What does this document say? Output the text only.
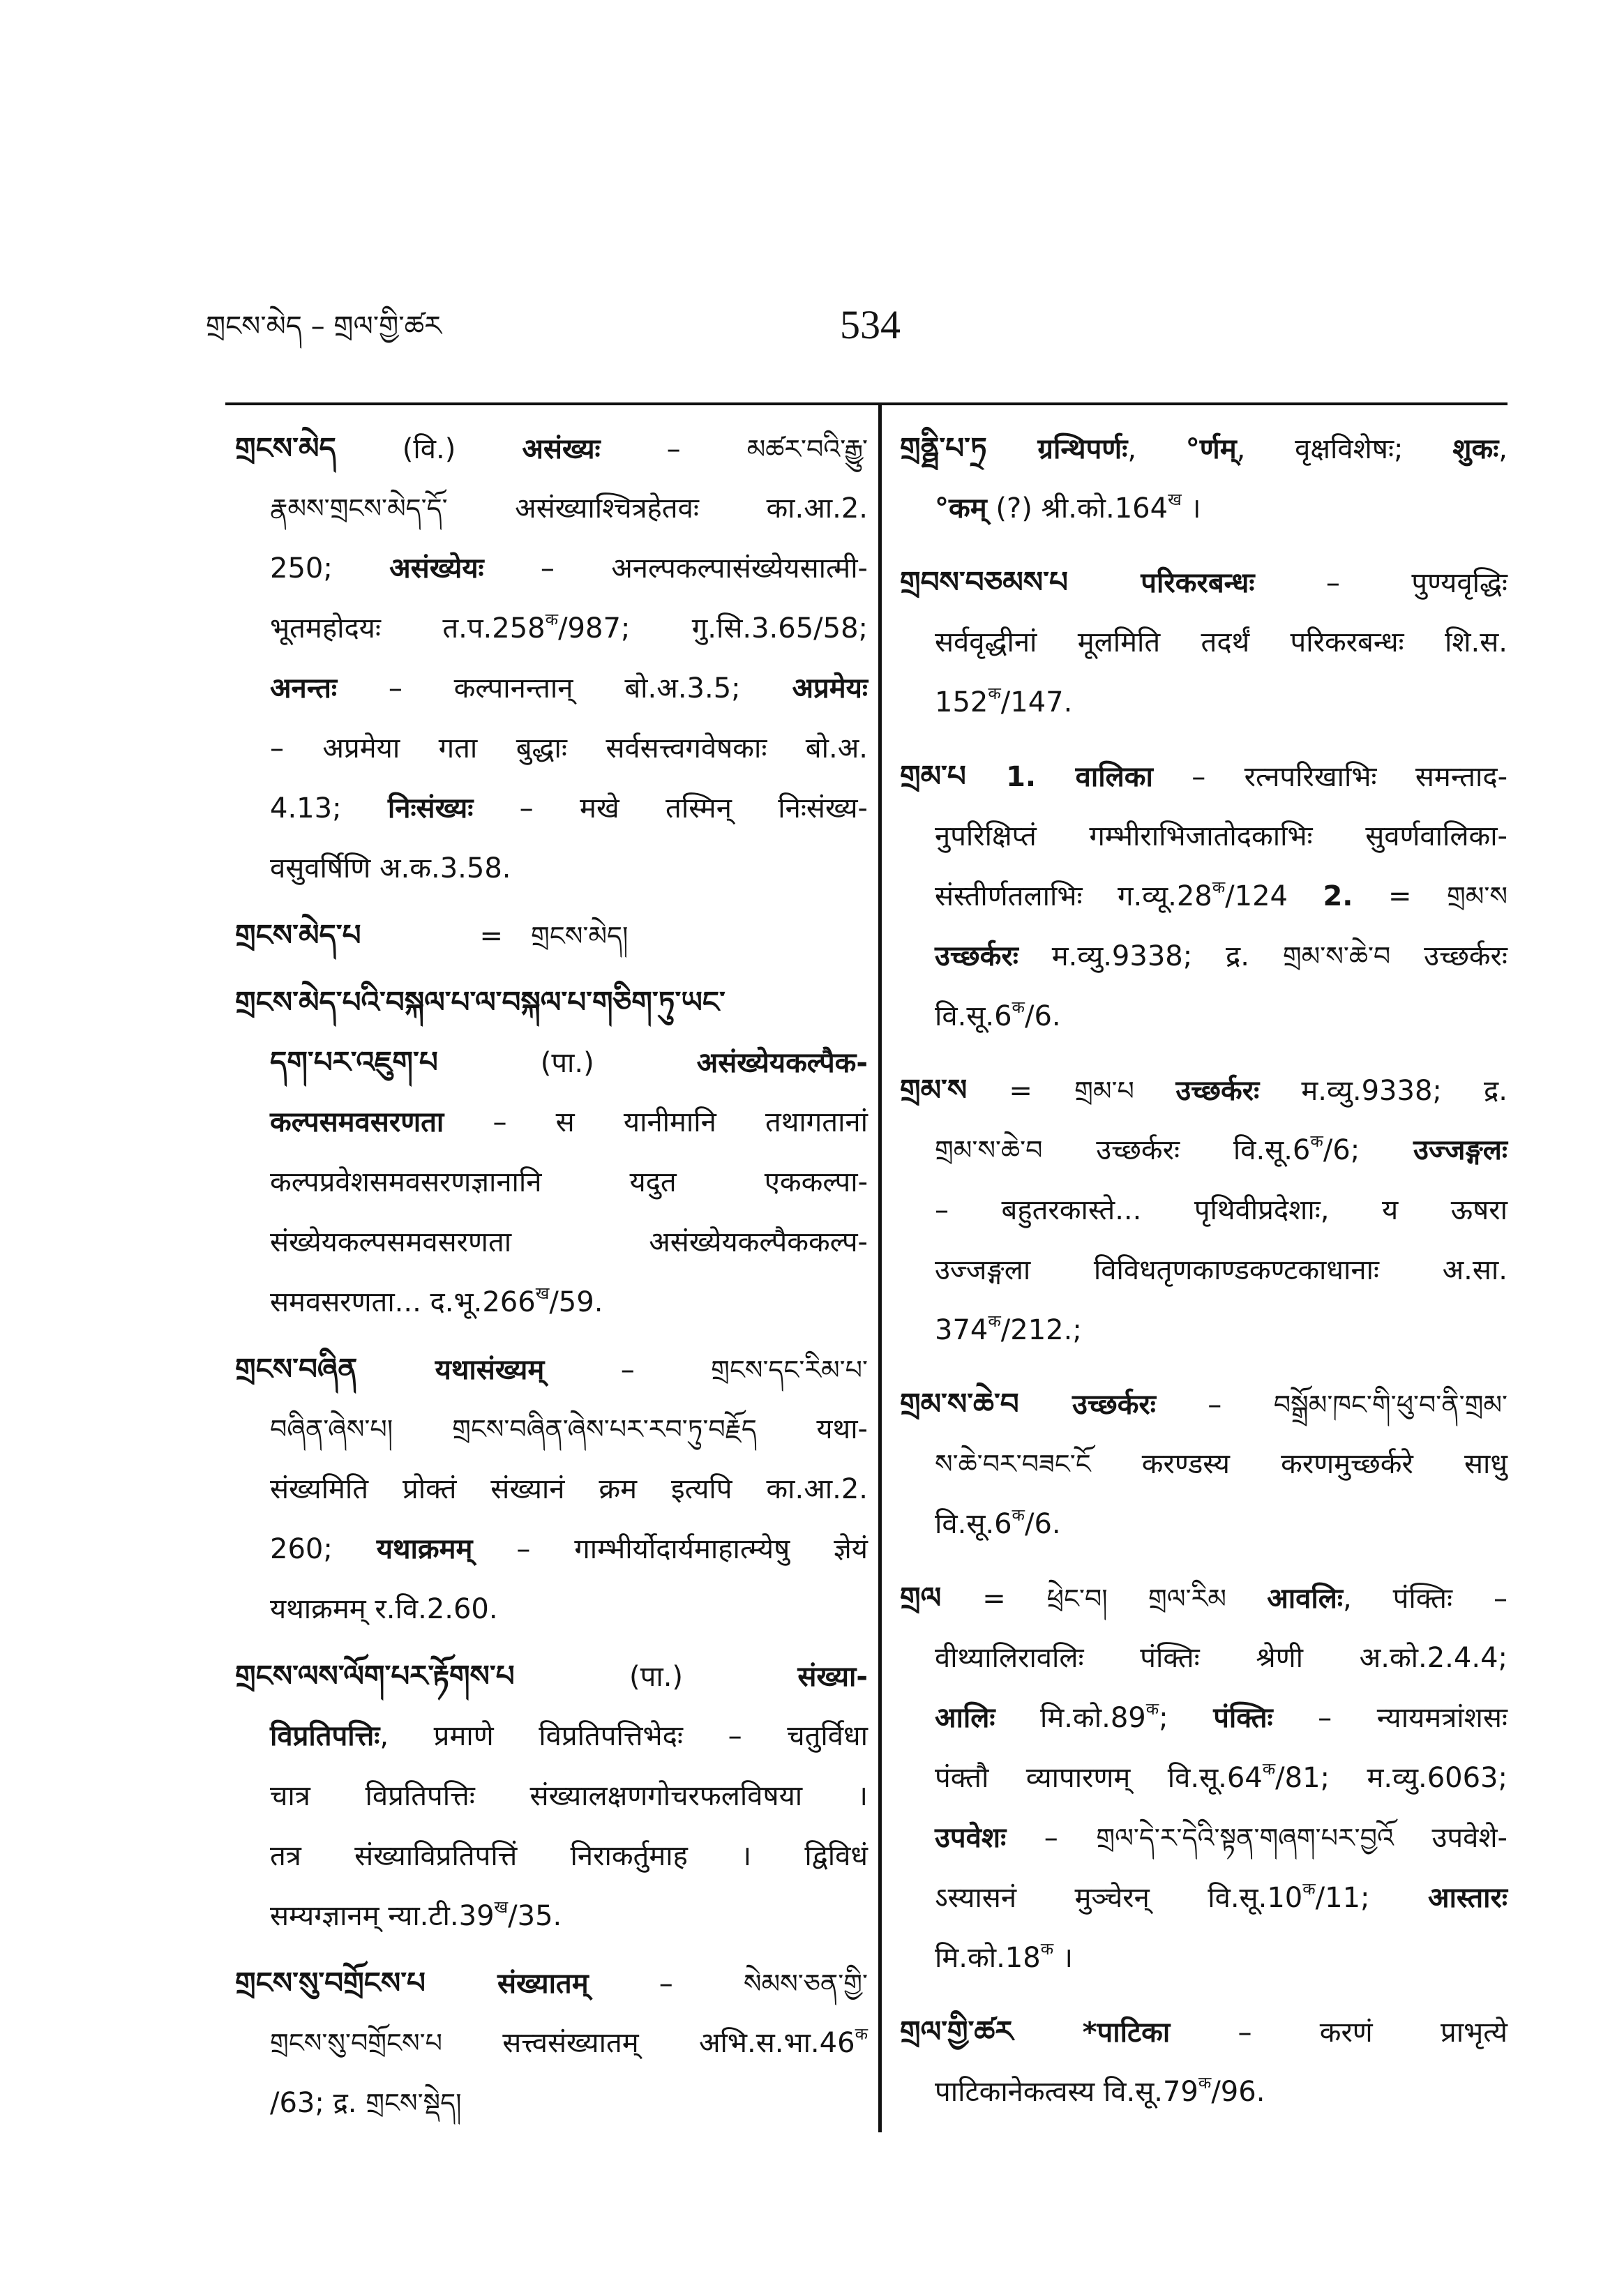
གྲངས་མེད – གྲལ་གྱི་ཚར	534
གྲངས་མེད (वि.) असंख्यः – མཚར་བའི་རྒྱུ་
རྣམས་གྲངས་མེད་དོ་ असंख्याश्चित्रहेतवः का.आ.2.
250; असंख्येयः – अनल्पकल्पासंख्येयसात्मी-
भूतमहोदयः $त.प.258^क/987$; गु.सि.3.65/58;
अनन्तः – कल्पानन्तान् बो.अ.3.5; अप्रमेयः
– अप्रमेया गता बुद्धाः सर्वसत्त्वगवेषकाः बो.अ.
4.13; निःसंख्यः – मखे तस्मिन् निःसंख्य-
वसुवर्षिणि अ.क.3.58.
གྲངས་མེད་པ	= གྲངས་མེད།
གྲངས་མེད་པའི་བསྐལ་པ་ལ་བསྐལ་པ་གཅིག་ཏུ་ཡང་
དག་པར་འཇུག་པ (पा.) असंख्येयकल्पैक-
कल्पसमवसरणता – स यानीमानि तथागतानां
कल्पप्रवेशसमवसरणज्ञानानि यदुत एककल्पा-
संख्येयकल्पसमवसरणता असंख्येयकल्पैककल्प-
समवसरणता... $द.भू.266^ख/59$.
གྲངས་བཞིན यथासंख्यम् – གྲངས་དང་རིམ་པ་
བཞིན་ཞེས་པ། གྲངས་བཞིན་ཞེས་པར་རབ་ཏུ་བརྗོད यथा-
संख्यमिति प्रोक्तं संख्यानं क्रम इत्यपि का.आ.2.
260; यथाक्रमम् – गाम्भीर्योदार्यमाहात्म्येषु ज्ञेयं
यथाक्रमम् र.वि.2.60.
གྲངས་ལས་ལོག་པར་རྟོགས་པ (पा.) संख्या-
विप्रतिपत्तिः, प्रमाणे विप्रतिपत्तिभेदः – चतुर्विधा
चात्र विप्रतिपत्तिः संख्यालक्षणगोचरफलविषया ।
तत्र संख्याविप्रतिपत्तिं निराकर्तुमाह । द्विविधं
सम्यग्ज्ञानम् $न्या.टी.39^ख/35$.
གྲངས་སུ་བགྲོངས་པ संख्यातम् – སེམས་ཅན་གྱི་
གྲངས་སུ་བགྲོངས་པ सत्त्वसंख्यातम् $अभि.स.भा.46^क$
/63; द्र. གྲངས་སྡེད།
གྲནྠི་པ་ཏྲ ग्रन्थिपर्णः, °र्णम्, वृक्षविशेषः; शुकः,
°कम् (?) $श्री.को.164^ख$ ।
གྲབས་བཅམས་པ परिकरबन्धः – पुण्यवृद्धिः
सर्ववृद्धीनां मूलमिति तदर्थं परिकरबन्धः शि.स.
$152^क/147$.
གྲམ་པ 1. वालिका – रत्नपरिखाभिः समन्ताद-
नुपरिक्षिप्तं गम्भीराभिजातोदकाभिः सुवर्णवालिका-
संस्तीर्णतलाभिः $ग.व्यू.28^क/124$ 2. = གྲམ་ས
उच्छर्करः म.व्यु.9338; द्र. གྲམ་ས་ཆེ་བ उच्छर्करः
$वि.सू.6^क/6$.
གྲམ་ས = གྲམ་པ उच्छर्करः म.व्यु.9338; द्र.
གྲམ་ས་ཆེ་བ उच्छर्करः $वि.सू.6^क/6$; उज्जङ्गलः
– बहुतरकास्ते... पृथिवीप्रदेशाः, य ऊषरा
उज्जङ्गला विविधतृणकाण्डकण्टकाधानाः अ.सा.
$374^क/212$.;
གྲམ་ས་ཆེ་བ उच्छर्करः – བསྒྲོམ་ཁང་གི་ཕུ་བ་ནི་གྲམ་
ས་ཆེ་བར་བཟང་ངོ करण्डस्य करणमुच्छर्करे साधु
$वि.सू.6^क/6$.
གྲལ = ཕྲེང་བ། གྲལ་རིམ आवलिः, पंक्तिः –
वीथ्यालिरावलिः पंक्तिः श्रेणी अ.को.2.4.4;
आलिः $मि.को.89^क$; पंक्तिः – न्यायमत्रांशसः
पंक्तौ व्यापारणम् $वि.सू.64^क/81$; म.व्यु.6063;
उपवेशः – གྲལ་དེ་ར་དེའི་སྟན་གཞག་པར་བྱའོ उपवेशे-
ऽस्यासनं मुञ्चेरन् $वि.सू.10^क/11$; आस्तारः
$मि.को.18^क$ ।
གྲལ་གྱི་ཚར *पाटिका – करणं प्राभृत्ये
पाटिकानेकत्वस्य $वि.सू.79^क/96$.
